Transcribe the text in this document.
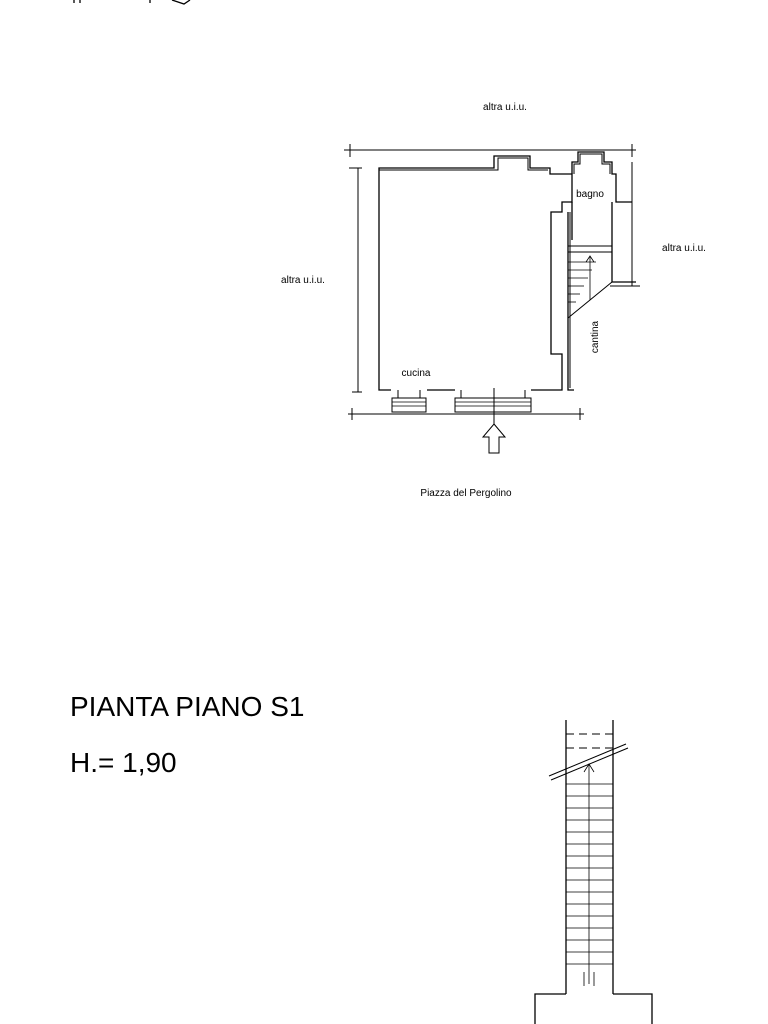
altra u.i.u.
altra u.i.u.
altra u.i.u.
bagno
cucina
cantina
Piazza del Pergolino
PIANTA PIANO S1
H.= 1,90
